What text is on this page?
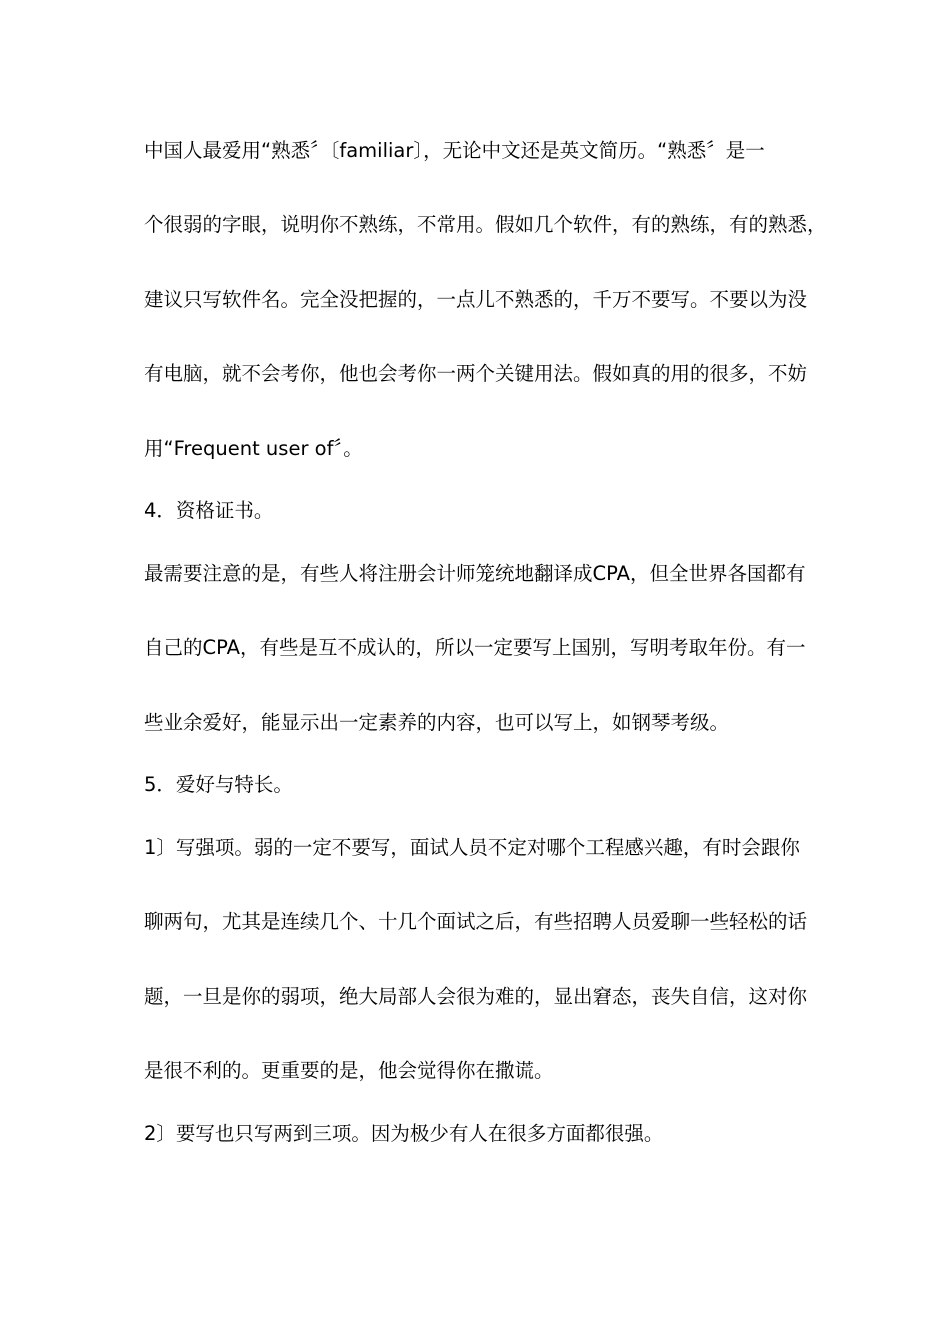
中国人最爱用“熟悉〞〔familiar〕，无论中文还是英文简历。“熟悉〞是一
个很弱的字眼，说明你不熟练，不常用。假如几个软件，有的熟练，有的熟悉，
建议只写软件名。完全没把握的，一点儿不熟悉的，千万不要写。不要以为没
有电脑，就不会考你，他也会考你一两个关键用法。假如真的用的很多，不妨
用“Frequent user of〞。
4．资格证书。
最需要注意的是，有些人将注册会计师笼统地翻译成CPA，但全世界各国都有
自己的CPA，有些是互不成认的，所以一定要写上国别，写明考取年份。有一
些业余爱好，能显示出一定素养的内容，也可以写上，如钢琴考级。
5．爱好与特长。
1〕写强项。弱的一定不要写，面试人员不定对哪个工程感兴趣，有时会跟你
聊两句，尤其是连续几个、十几个面试之后，有些招聘人员爱聊一些轻松的话
题，一旦是你的弱项，绝大局部人会很为难的，显出窘态，丧失自信，这对你
是很不利的。更重要的是，他会觉得你在撒谎。
2〕要写也只写两到三项。因为极少有人在很多方面都很强。
